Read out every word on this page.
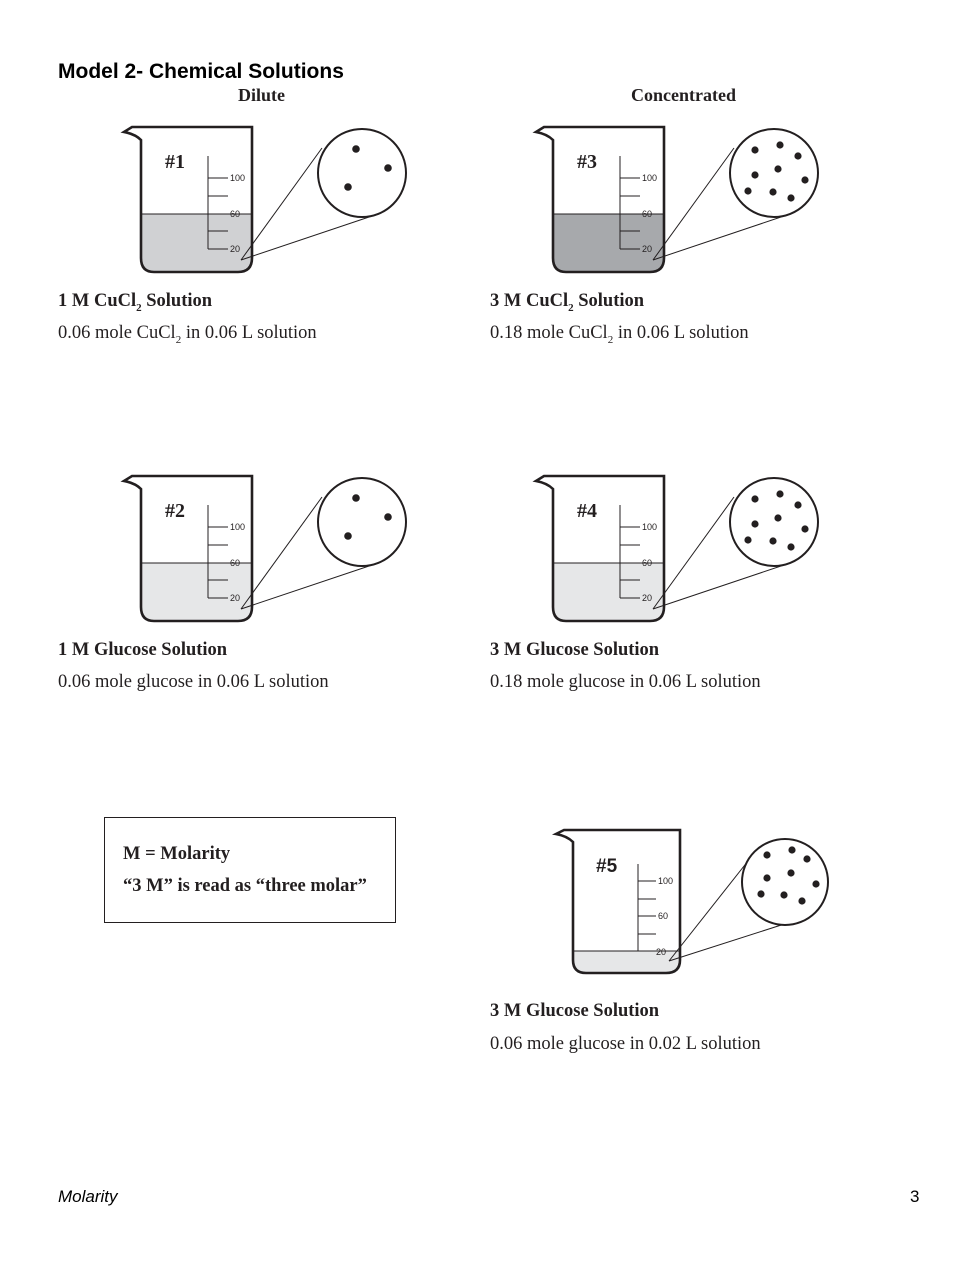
Model 2- Chemical Solutions
Dilute	Concentrated
100
60
20
#1
1 M CuCl$_2$ Solution
0.06 mole CuCl$_2$ in 0.06 L solution
100
60
20
#3
3 M CuCl$_2$ Solution
0.18 mole CuCl$_2$ in 0.06 L solution
100
60
20
#2
1 M Glucose Solution
0.06 mole glucose in 0.06 L solution
100
60
20
#4
3 M Glucose Solution
0.18 mole glucose in 0.06 L solution
M = Molarity
“3 M” is read as “three molar”	100
60
20
#5
3 M Glucose Solution
0.06 mole glucose in 0.02 L solution
Molarity	3
